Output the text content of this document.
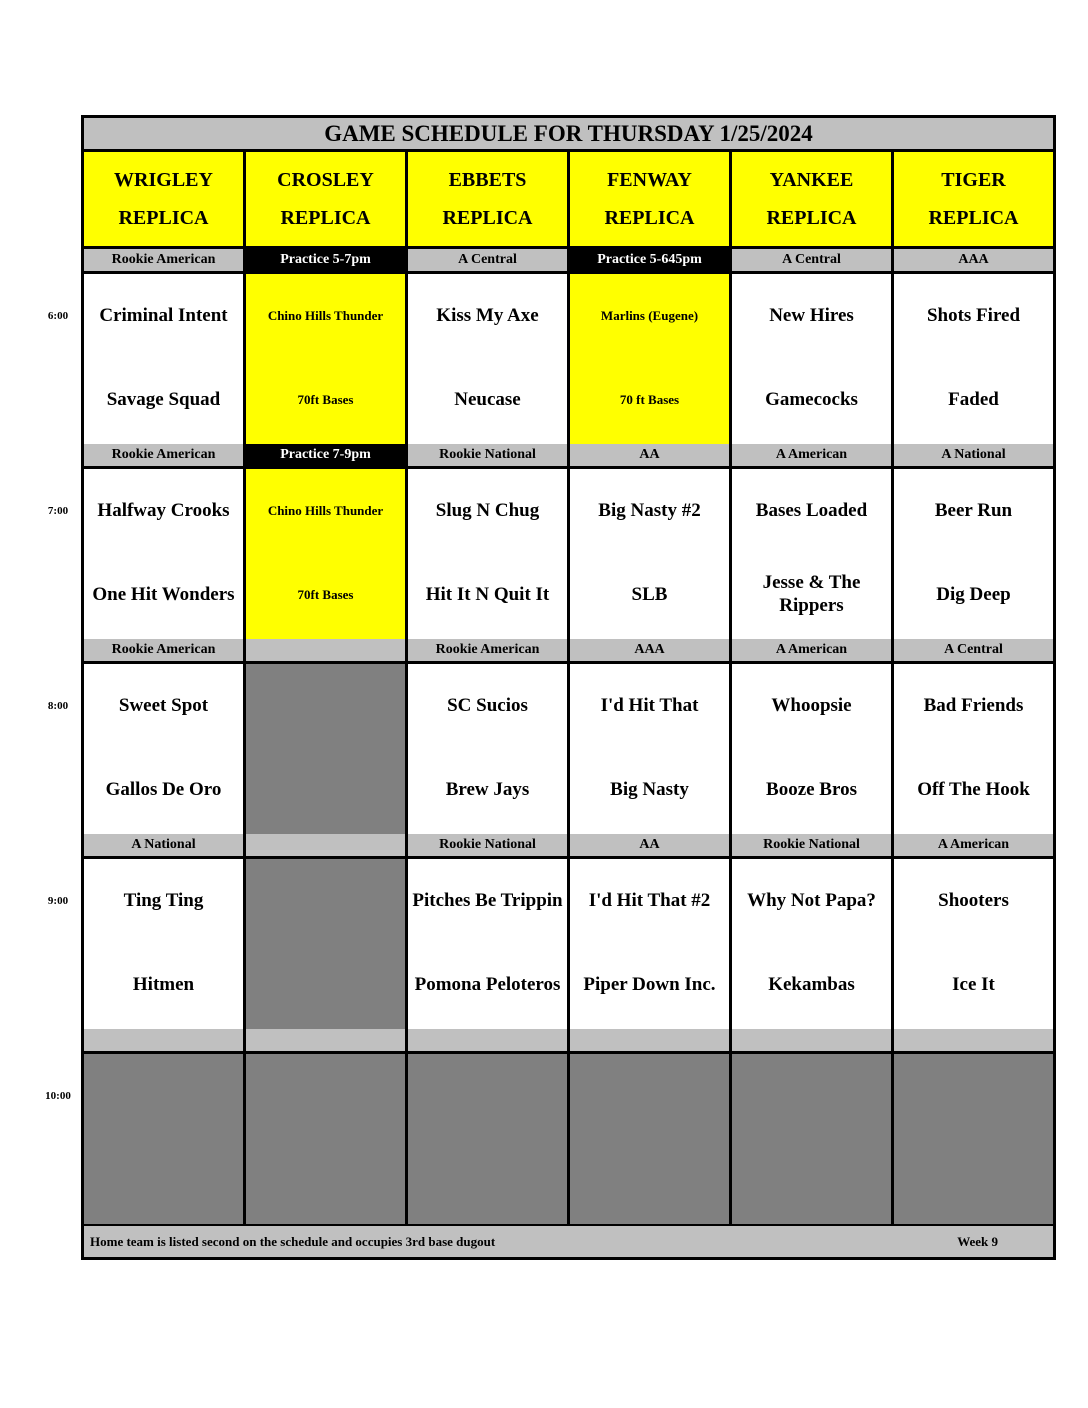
6:00
7:00
8:00
9:00
10:00
GAME SCHEDULE FOR THURSDAY 1/25/2024
WRIGLEY
REPLICA
CROSLEY
REPLICA
EBBETS
REPLICA
FENWAY
REPLICA
YANKEE
REPLICA
TIGER
REPLICA
Rookie American
Criminal Intent
Savage Squad
Practice 5-7pm
Chino Hills Thunder
70ft Bases
A Central
Kiss My Axe
Neucase
Practice 5-645pm
Marlins (Eugene)
70 ft Bases
A Central
New Hires
Gamecocks
AAA
Shots Fired
Faded
Rookie American
Halfway Crooks
One Hit Wonders
Practice 7-9pm
Chino Hills Thunder
70ft Bases
Rookie National
Slug N Chug
Hit It N Quit It
AA
Big Nasty #2
SLB
A American
Bases Loaded
Jesse & The Rippers
A National
Beer Run
Dig Deep
Rookie American
Sweet Spot
Gallos De Oro
Rookie American
SC Sucios
Brew Jays
AAA
I'd Hit That
Big Nasty
A American
Whoopsie
Booze Bros
A Central
Bad Friends
Off The Hook
A National
Ting Ting
Hitmen
Rookie National
Pitches Be Trippin
Pomona Peloteros
AA
I'd Hit That #2
Piper Down Inc.
Rookie National
Why Not Papa?
Kekambas
A American
Shooters
Ice It
Home team is listed second on the schedule and occupies 3rd base dugout	Week 9
